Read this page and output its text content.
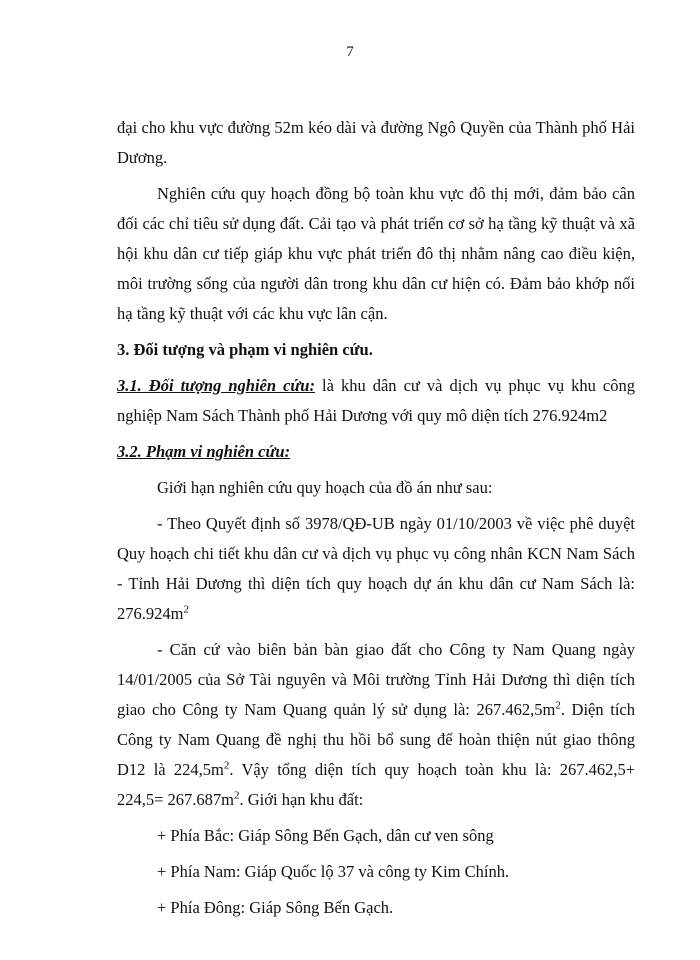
7

đại cho khu vực đường 52m kéo dài và đường Ngô Quyền của Thành phố Hải
Dương.

Nghiên cứu quy hoạch đồng bộ toàn khu vực đô thị mới, đảm bảo cân
đối các chỉ tiêu sử dụng đất. Cải tạo và phát triển cơ sở hạ tầng kỹ thuật và xã
hội khu dân cư tiếp giáp khu vực phát triển đô thị nhằm nâng cao điều kiện,
môi trường sống của người dân trong khu dân cư hiện có. Đảm bảo khớp nối
hạ tầng kỹ thuật với các khu vực lân cận.

3. Đối tượng và phạm vi nghiên cứu.

3.1. Đối tượng nghiên cứu: là khu dân cư và dịch vụ phục vụ khu công
nghiệp Nam Sách Thành phố Hải Dương với quy mô diện tích 276.924m2

3.2. Phạm vi nghiên cứu:

Giới hạn nghiên cứu quy hoạch của đồ án như sau:

- Theo Quyết định số 3978/QĐ-UB ngày 01/10/2003 về việc phê duyệt
Quy hoạch chi tiết khu dân cư và dịch vụ phục vụ công nhân KCN Nam Sách
- Tỉnh Hải Dương thì diện tích quy hoạch dự án khu dân cư Nam Sách là:
$276.924m^2$

- Căn cứ vào biên bản bàn giao đất cho Công ty Nam Quang ngày
14/01/2005 của Sở Tài nguyên và Môi trường Tỉnh Hải Dương thì diện tích
giao cho Công ty Nam Quang quản lý sử dụng là: $267.462,5m^2$. Diện tích
Công ty Nam Quang đề nghị thu hồi bổ sung để hoàn thiện nút giao thông
D12 là $224,5m^2$. Vậy tổng diện tích quy hoạch toàn khu là: 267.462,5+
$224,5= 267.687m^2$. Giới hạn khu đất:

+ Phía Bắc: Giáp Sông Bến Gạch, dân cư ven sông

+ Phía Nam: Giáp Quốc lộ 37 và công ty Kim Chính.

+ Phía Đông: Giáp Sông Bến Gạch.
